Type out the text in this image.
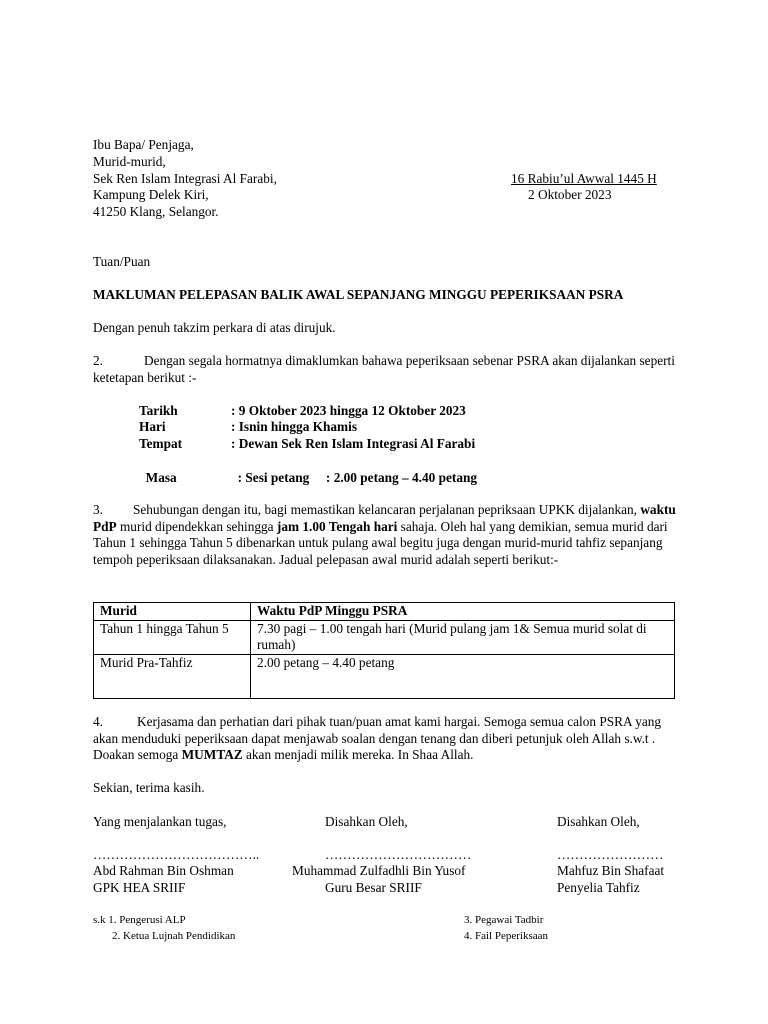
Ibu Bapa/ Penjaga,
Murid-murid,
Sek Ren Islam Integrasi Al Farabi,
Kampung Delek Kiri,
41250 Klang, Selangor.
16 Rabiu’ul Awwal 1445 H
2 Oktober 2023
Tuan/Puan
MAKLUMAN PELEPASAN BALIK AWAL SEPANJANG MINGGU PEPERIKSAAN PSRA
Dengan penuh takzim perkara di atas dirujuk.
2.	Dengan segala hormatnya dimaklumkan bahawa peperiksaan sebenar PSRA akan dijalankan seperti ketetapan berikut :-
Tarikh	: 9 Oktober 2023 hingga 12 Oktober 2023
Hari	: Isnin hingga Khamis
Tempat	: Dewan Sek Ren Islam Integrasi Al Farabi

Masa	: Sesi petang     : 2.00 petang – 4.40 petang

3. Sehubungan dengan itu, bagi memastikan kelancaran perjalanan pepriksaan UPKK dijalankan, waktu PdP murid dipendekkan sehingga jam 1.00 Tengah hari sahaja. Oleh hal yang demikian, semua murid dari Tahun 1 sehingga Tahun 5 dibenarkan untuk pulang awal begitu juga dengan murid-murid tahfiz sepanjang tempoh peperiksaan dilaksanakan. Jadual pelepasan awal murid adalah seperti berikut:-
Murid	Waktu PdP Minggu PSRA
Tahun 1 hingga Tahun 5	7.30 pagi – 1.00 tengah hari (Murid pulang jam 1& Semua murid solat di rumah)
Murid Pra-Tahfiz	2.00 petang – 4.40 petang
4.	Kerjasama dan perhatian dari pihak tuan/puan amat kami hargai. Semoga semua calon PSRA yang akan menduduki peperiksaan dapat menjawab soalan dengan tenang dan diberi petunjuk oleh Allah s.w.t . Doakan semoga MUMTAZ akan menjadi milik mereka. In Shaa Allah.
Sekian, terima kasih.
Yang menjalankan tugas,
………………………………..
Abd Rahman Bin Oshman
GPK HEA SRIIF
Disahkan Oleh,
……………………………
Muhammad Zulfadhli Bin Yusof
Guru Besar SRIIF
Disahkan Oleh,
……………………
Mahfuz Bin Shafaat
Penyelia Tahfiz
s.k 1. Pengerusi ALP
2. Ketua Lujnah Pendidikan
3. Pegawai Tadbir
4. Fail Peperiksaan
